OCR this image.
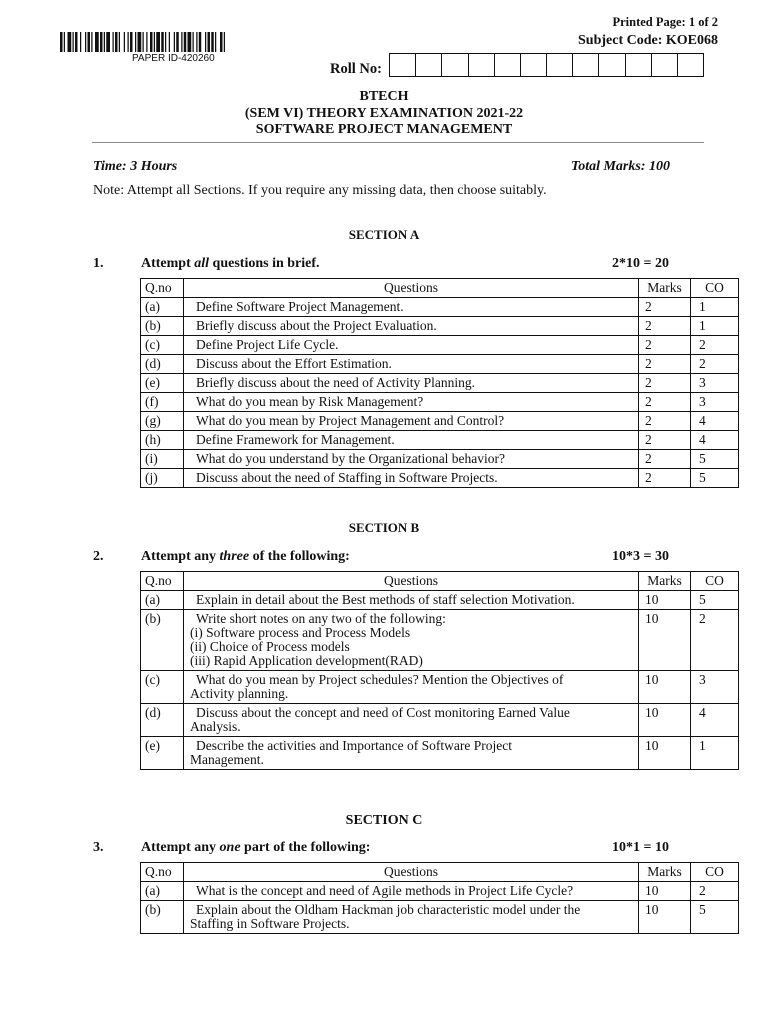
PAPER ID-420260
Printed Page: 1 of 2
Subject Code: KOE068
Roll No:
BTECH
(SEM VI) THEORY EXAMINATION 2021-22
SOFTWARE PROJECT MANAGEMENT
Time: 3 Hours	Total Marks: 100
Note: Attempt all Sections. If you require any missing data, then choose suitably.
SECTION A
1.	Attempt all questions in brief.	2*10 = 20
Q.no	Questions	Marks	CO
(a)	Define Software Project Management.	2	1
(b)	Briefly discuss about the Project Evaluation.	2	1
(c)	Define Project Life Cycle.	2	2
(d)	Discuss about the Effort Estimation.	2	2
(e)	Briefly discuss about the need of Activity Planning.	2	3
(f)	What do you mean by Risk Management?	2	3
(g)	What do you mean by Project Management and Control?	2	4
(h)	Define Framework for Management.	2	4
(i)	What do you understand by the Organizational behavior?	2	5
(j)	Discuss about the need of Staffing in Software Projects.	2	5
SECTION B
2.	Attempt any three of the following:	10*3 = 30
Q.no	Questions	Marks	CO
(a)	Explain in detail about the Best methods of staff selection Motivation.	10	5
(b)	Write short notes on any two of the following:
(i) Software process and Process Models
(ii) Choice of Process models
(iii) Rapid Application development(RAD)	10	2
(c)	What do you mean by Project schedules? Mention the Objectives of
Activity planning.	10	3
(d)	Discuss about the concept and need of Cost monitoring Earned Value
Analysis.	10	4
(e)	Describe the activities and Importance of Software Project
Management.	10	1
SECTION C
3.	Attempt any one part of the following:	10*1 = 10
Q.no	Questions	Marks	CO
(a)	What is the concept and need of Agile methods in Project Life Cycle?	10	2
(b)	Explain about the Oldham Hackman job characteristic model under the
Staffing in Software Projects.	10	5
